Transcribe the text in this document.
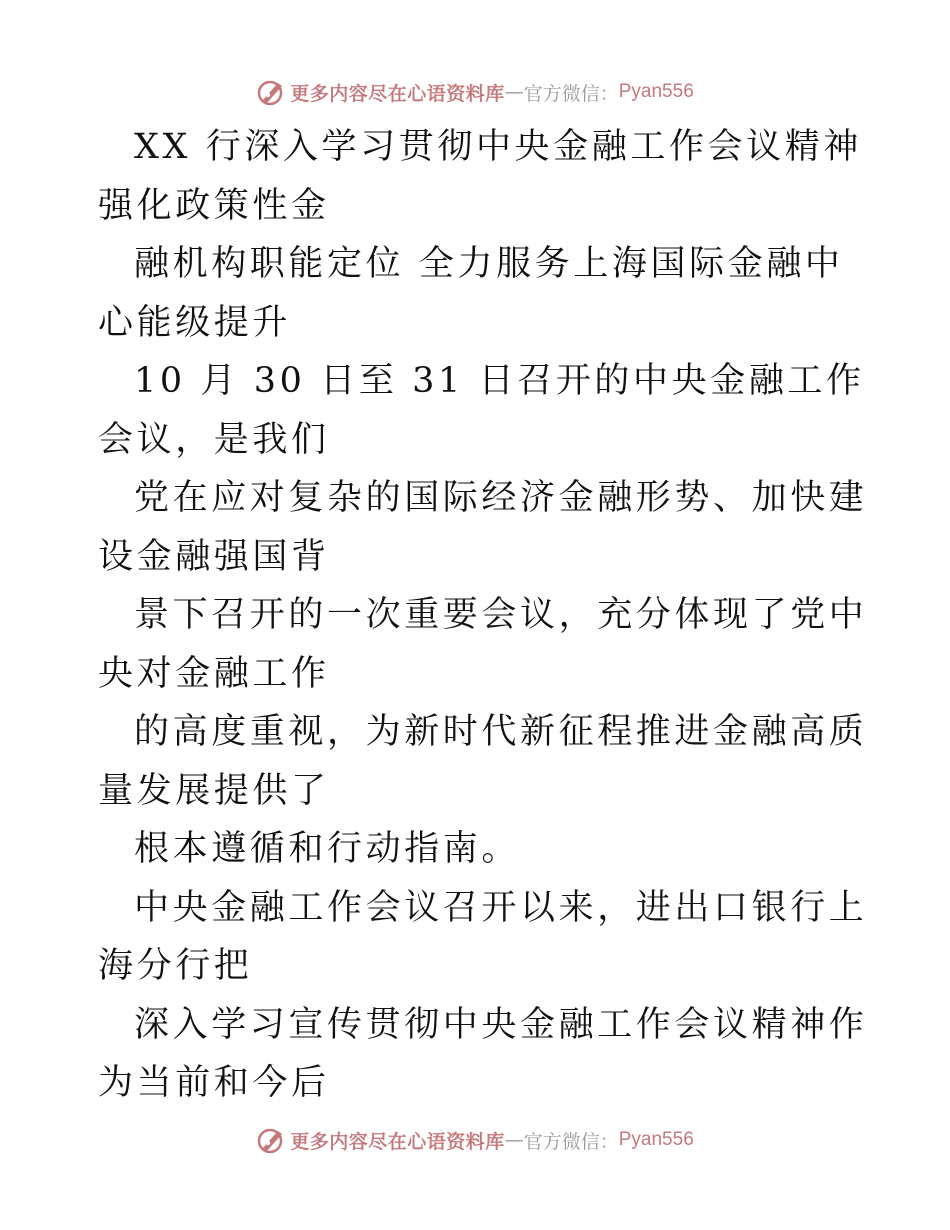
更多内容尽在心语资料库 — 官方微信： Pyan556

XX 行深入学习贯彻中央金融工作会议精神 强化政策性金

融机构职能定位 全力服务上海国际金融中心能级提升

10 月 30 日至 31 日召开的中央金融工作会议，是我们

党在应对复杂的国际经济金融形势、加快建设金融强国背

景下召开的一次重要会议，充分体现了党中央对金融工作

的高度重视，为新时代新征程推进金融高质量发展提供了

根本遵循和行动指南。

中央金融工作会议召开以来，进出口银行上海分行把

深入学习宣传贯彻中央金融工作会议精神作为当前和今后

更多内容尽在心语资料库 — 官方微信： Pyan556
